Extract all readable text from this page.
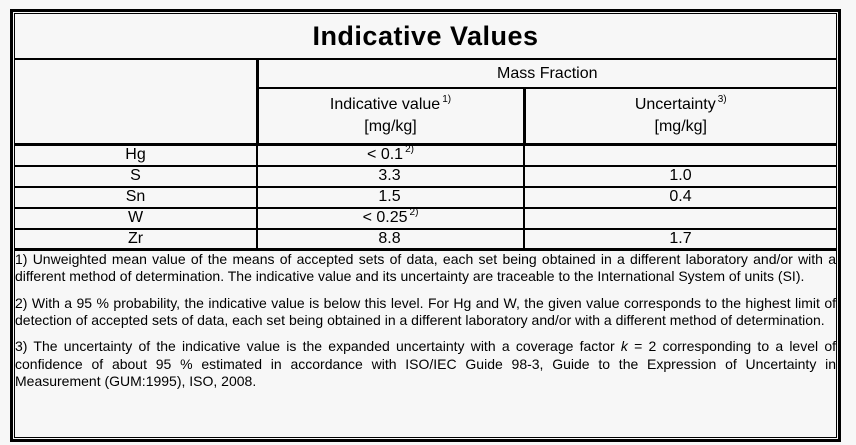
Indicative Values		
	Mass Fraction	

Indicative value $^{1)}$
[mg/kg]

Uncertainty $^{3)}$
[mg/kg]

Hg	< 0.1 $^{2)}$	
S	3.3	1.0
Sn	1.5	0.4
W	< 0.25 $^{2)}$	
Zr	8.8	1.7

1) Unweighted mean value of the means of accepted sets of data, each set being obtained in a different laboratory and/or with a different method of determination. The indicative value and its uncertainty are traceable to the International System of units (SI).

2) With a 95 % probability, the indicative value is below this level. For Hg and W, the given value corresponds to the highest limit of detection of accepted sets of data, each set being obtained in a different laboratory and/or with a different method of determination.

3) The uncertainty of the indicative value is the expanded uncertainty with a coverage factor k = 2 corresponding to a level of confidence of about 95 % estimated in accordance with ISO/IEC Guide 98-3, Guide to the Expression of Uncertainty in Measurement (GUM:1995), ISO, 2008.		
